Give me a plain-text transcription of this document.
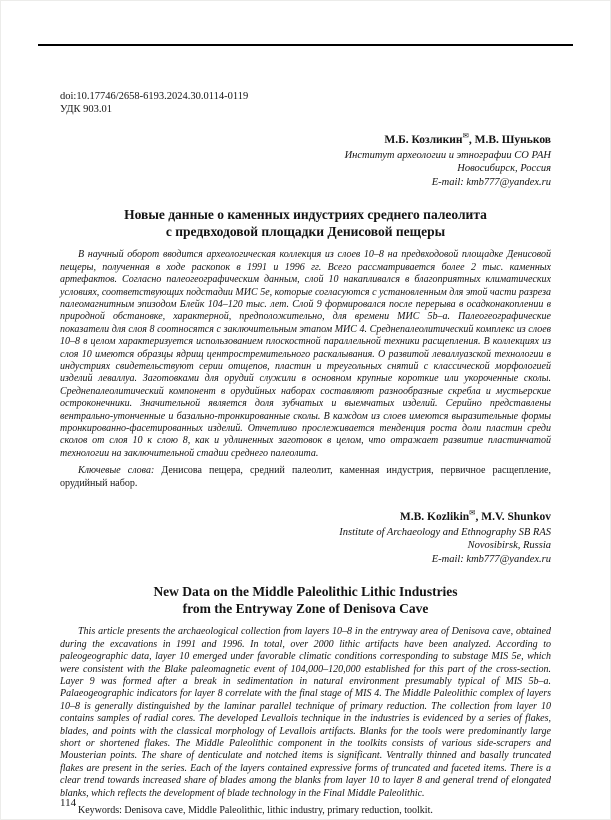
doi:10.17746/2658-6193.2024.30.0114-0119
УДК 903.01
М.Б. Козликин✉, М.В. Шуньков
Институт археологии и этнографии СО РАН
Новосибирск, Россия
E-mail: kmb777@yandex.ru
Новые данные о каменных индустриях среднего палеолита
с предвходовой площадки Денисовой пещеры

В научный оборот вводится археологическая коллекция из слоев 10–8 на предвходовой площадке Денисовой пещеры, полученная в ходе раскопок в 1991 и 1996 гг. Всего рассматривается более 2 тыс. каменных артефактов. Согласно палеогеографическим данным, слой 10 накапливался в благоприятных климатических условиях, соответствующих подстадии МИС 5е, которые согласуются с установленным для этой части разреза палеомагнитным эпизодом Блейк 104–120 тыс. лет. Слой 9 формировался после перерыва в осадконакоплении в природной обстановке, характерной, предположительно, для времени МИС 5b–a. Палеогеографические показатели для слоя 8 соотносятся с заключительным этапом МИС 4. Среднепалеолитический комплекс из слоев 10–8 в целом характеризуется использованием плоскостной параллельной техники расщепления. В коллекциях из слоя 10 имеются образцы ядрищ центростремительного раскалывания. О развитой леваллуазской технологии в индустриях свидетельствуют серии отщепов, пластин и треугольных снятий с классической морфологией изделий леваллуа. Заготовками для орудий служили в основном крупные короткие или укороченные сколы. Среднепалеолитический компонент в орудийных наборах составляют разнообразные скребла и мустьерские остроконечники. Значительной является доля зубчатых и выемчатых изделий. Серийно представлены вентрально-утонченные и базально-тронкированные сколы. В каждом из слоев имеются выразительные формы тронкированно-фасетированных изделий. Отчетливо прослеживается тенденция роста доли пластин среди сколов от слоя 10 к слою 8, как и удлиненных заготовок в целом, что отражает развитие пластинчатой технологии на заключительной стадии среднего палеолита.

Ключевые слова: Денисова пещера, средний палеолит, каменная индустрия, первичное расщепление, орудийный набор.

M.B. Kozlikin✉, M.V. Shunkov
Institute of Archaeology and Ethnography SB RAS
Novosibirsk, Russia
E-mail: kmb777@yandex.ru
New Data on the Middle Paleolithic Lithic Industries
from the Entryway Zone of Denisova Cave

This article presents the archaeological collection from layers 10–8 in the entryway area of Denisova cave, obtained during the excavations in 1991 and 1996. In total, over 2000 lithic artifacts have been analyzed. According to paleogeographic data, layer 10 emerged under favorable climatic conditions corresponding to substage MIS 5e, which were consistent with the Blake paleomagnetic event of 104,000–120,000 established for this part of the cross-section. Layer 9 was formed after a break in sedimentation in natural environment presumably typical of MIS 5b–a. Palaeogeographic indicators for layer 8 correlate with the final stage of MIS 4. The Middle Paleolithic complex of layers 10–8 is generally distinguished by the laminar parallel technique of primary reduction. The collection from layer 10 contains samples of radial cores. The developed Levallois technique in the industries is evidenced by a series of flakes, blades, and points with the classical morphology of Levallois artifacts. Blanks for the tools were predominantly large short or shortened flakes. The Middle Paleolithic component in the toolkits consists of various side-scrapers and Mousterian points. The share of denticulate and notched items is significant. Ventrally thinned and basally truncated flakes are present in the series. Each of the layers contained expressive forms of truncated and faceted items. There is a clear trend towards increased share of blades among the blanks from layer 10 to layer 8 and general trend of elongated blanks, which reflects the development of blade technology in the Final Middle Paleolithic.

Keywords: Denisova cave, Middle Paleolithic, lithic industry, primary reduction, toolkit.

114
